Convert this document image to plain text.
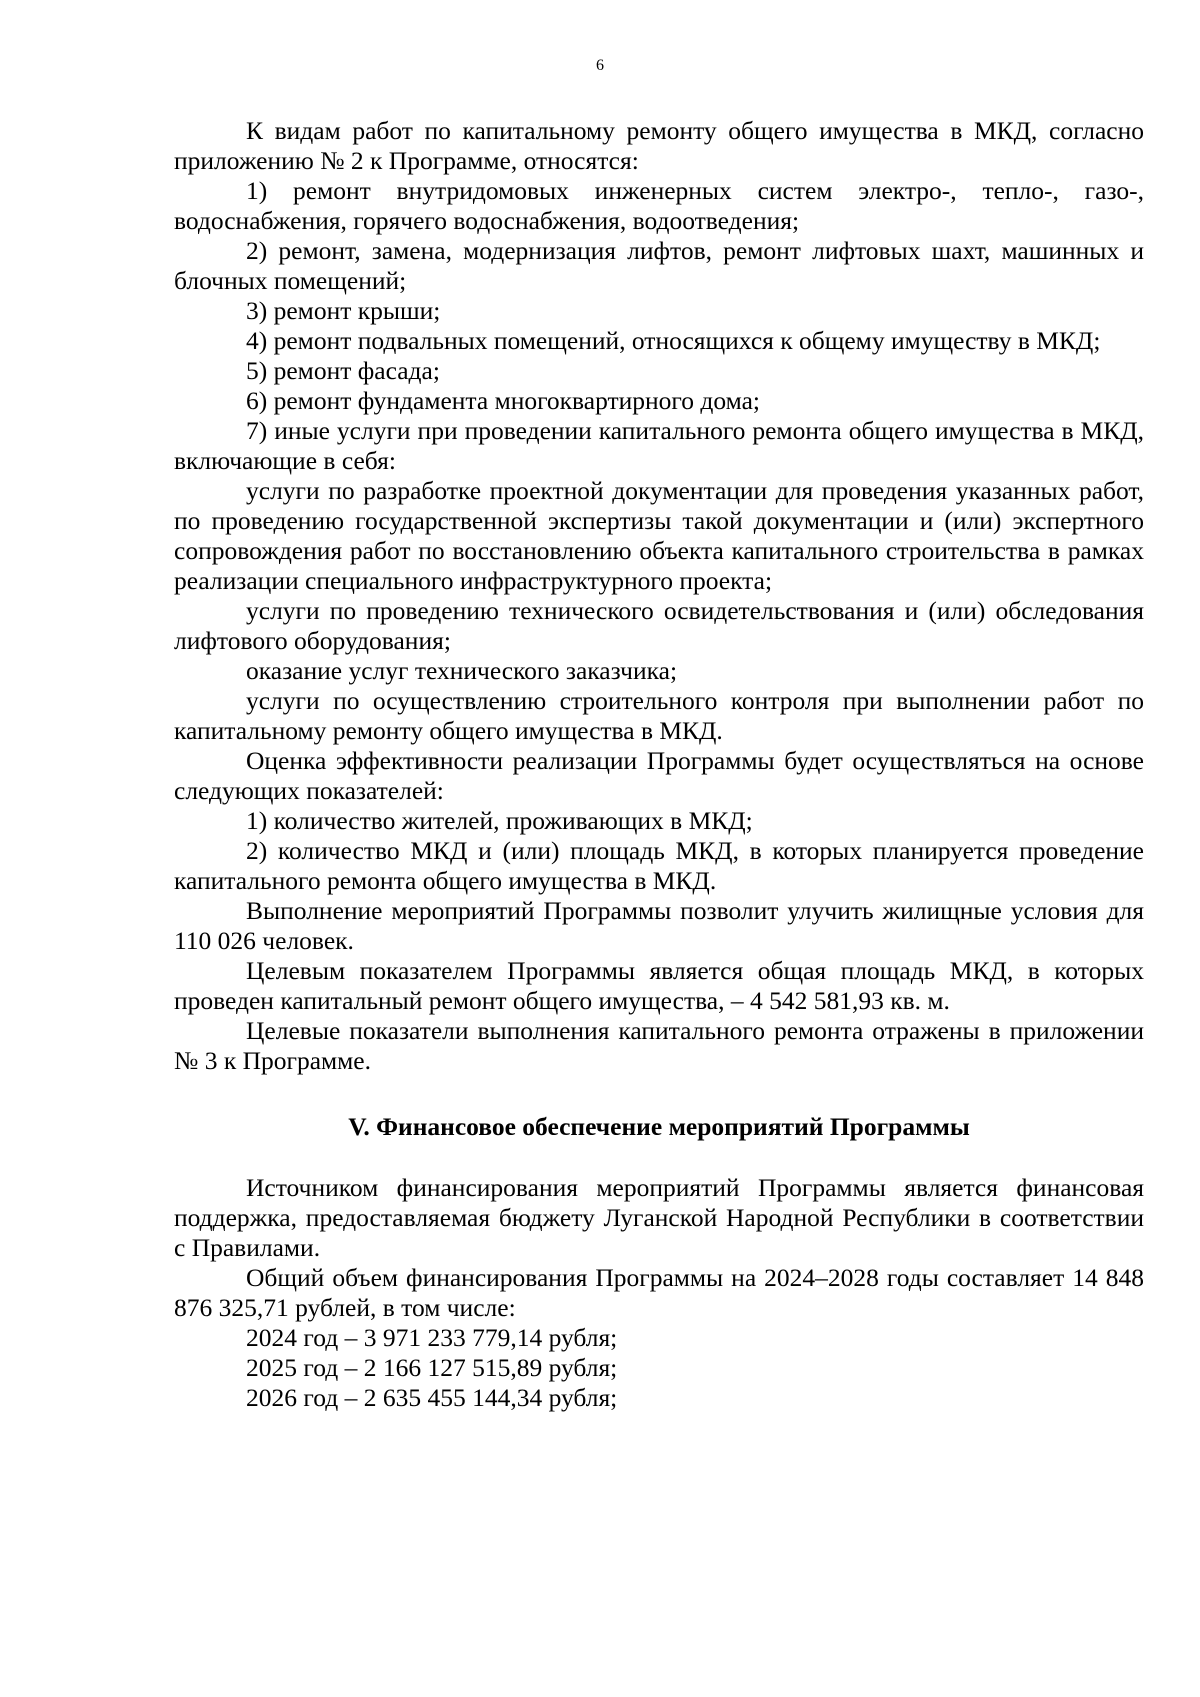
6

К видам работ по капитальному ремонту общего имущества в МКД, согласно приложению № 2 к Программе, относятся:

1) ремонт внутридомовых инженерных систем электро-, тепло-, газо-, водоснабжения, горячего водоснабжения, водоотведения;

2) ремонт, замена, модернизация лифтов, ремонт лифтовых шахт, машинных и блочных помещений;

3) ремонт крыши;

4) ремонт подвальных помещений, относящихся к общему имуществу в МКД;

5) ремонт фасада;

6) ремонт фундамента многоквартирного дома;

7) иные услуги при проведении капитального ремонта общего имущества в МКД, включающие в себя:

услуги по разработке проектной документации для проведения указанных работ, по проведению государственной экспертизы такой документации и (или) экспертного сопровождения работ по восстановлению объекта капитального строительства в рамках реализации специального инфраструктурного проекта;

услуги по проведению технического освидетельствования и (или) обследования лифтового оборудования;

оказание услуг технического заказчика;

услуги по осуществлению строительного контроля при выполнении работ по капитальному ремонту общего имущества в МКД.

Оценка эффективности реализации Программы будет осуществляться на основе следующих показателей:

1) количество жителей, проживающих в МКД;

2) количество МКД и (или) площадь МКД, в которых планируется проведение капитального ремонта общего имущества в МКД.

Выполнение мероприятий Программы позволит улучить жилищные условия для 110 026 человек.

Целевым показателем Программы является общая площадь МКД, в которых проведен капитальный ремонт общего имущества, – 4 542 581,93 кв. м.

Целевые показатели выполнения капитального ремонта отражены в приложении № 3 к Программе.

V. Финансовое обеспечение мероприятий Программы

Источником финансирования мероприятий Программы является финансовая поддержка, предоставляемая бюджету Луганской Народной Республики в соответствии с Правилами.

Общий объем финансирования Программы на 2024–2028 годы составляет 14 848 876 325,71 рублей, в том числе:

2024 год – 3 971 233 779,14 рубля;

2025 год – 2 166 127 515,89 рубля;

2026 год – 2 635 455 144,34 рубля;
